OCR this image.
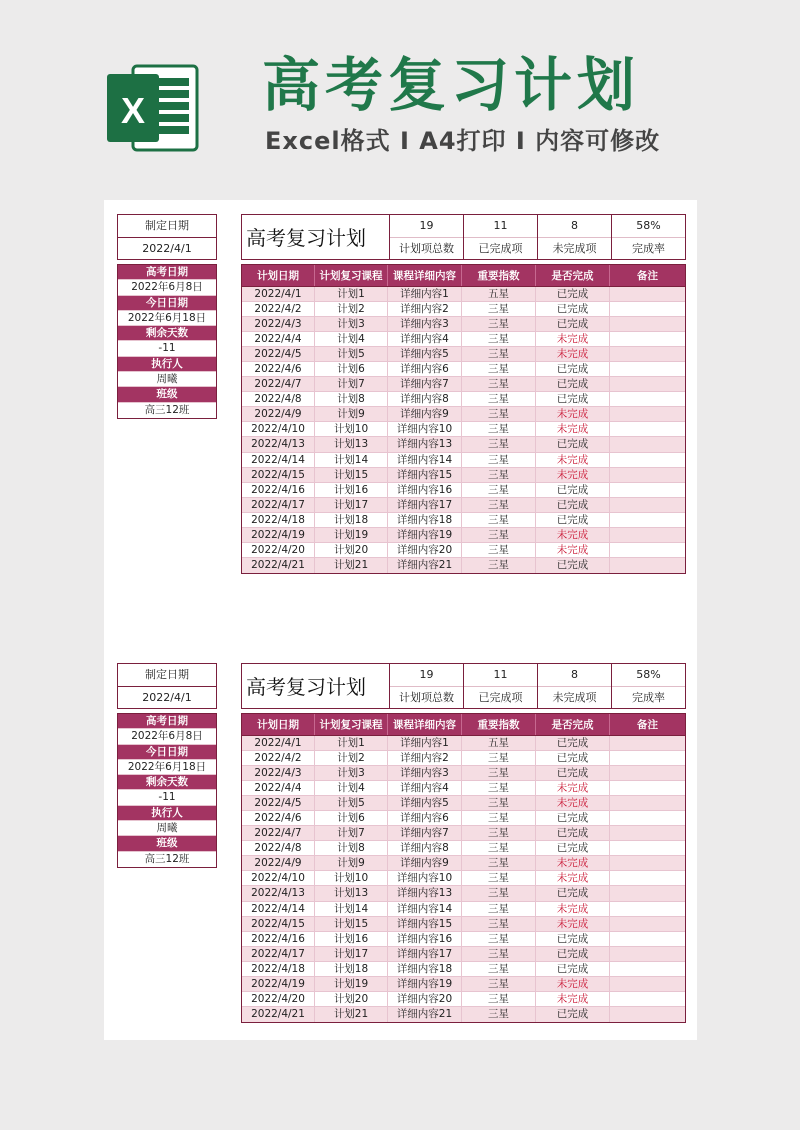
X 高考复习计划
Excel格式 I A4打印 I 内容可修改
制定日期
2022/4/1
高考日期
2022年6月8日
今日日期
2022年6月18日
剩余天数
-11
执行人
周曦
班级
高三12班
高考复习计划
19
计划项总数
11
已完成项
8
未完成项
58%
完成率
计划日期	计划复习课程	课程详细内容	重要指数	是否完成	备注
2022/4/1	计划1	详细内容1	五星	已完成
2022/4/2	计划2	详细内容2	三星	已完成
2022/4/3	计划3	详细内容3	三星	已完成
2022/4/4	计划4	详细内容4	三星	未完成
2022/4/5	计划5	详细内容5	三星	未完成
2022/4/6	计划6	详细内容6	三星	已完成
2022/4/7	计划7	详细内容7	三星	已完成
2022/4/8	计划8	详细内容8	三星	已完成
2022/4/9	计划9	详细内容9	三星	未完成
2022/4/10	计划10	详细内容10	三星	未完成
2022/4/13	计划13	详细内容13	三星	已完成
2022/4/14	计划14	详细内容14	三星	未完成
2022/4/15	计划15	详细内容15	三星	未完成
2022/4/16	计划16	详细内容16	三星	已完成
2022/4/17	计划17	详细内容17	三星	已完成
2022/4/18	计划18	详细内容18	三星	已完成
2022/4/19	计划19	详细内容19	三星	未完成
2022/4/20	计划20	详细内容20	三星	未完成
2022/4/21	计划21	详细内容21	三星	已完成
制定日期
2022/4/1
高考日期
2022年6月8日
今日日期
2022年6月18日
剩余天数
-11
执行人
周曦
班级
高三12班
高考复习计划
19
计划项总数
11
已完成项
8
未完成项
58%
完成率
计划日期	计划复习课程	课程详细内容	重要指数	是否完成	备注
2022/4/1	计划1	详细内容1	五星	已完成
2022/4/2	计划2	详细内容2	三星	已完成
2022/4/3	计划3	详细内容3	三星	已完成
2022/4/4	计划4	详细内容4	三星	未完成
2022/4/5	计划5	详细内容5	三星	未完成
2022/4/6	计划6	详细内容6	三星	已完成
2022/4/7	计划7	详细内容7	三星	已完成
2022/4/8	计划8	详细内容8	三星	已完成
2022/4/9	计划9	详细内容9	三星	未完成
2022/4/10	计划10	详细内容10	三星	未完成
2022/4/13	计划13	详细内容13	三星	已完成
2022/4/14	计划14	详细内容14	三星	未完成
2022/4/15	计划15	详细内容15	三星	未完成
2022/4/16	计划16	详细内容16	三星	已完成
2022/4/17	计划17	详细内容17	三星	已完成
2022/4/18	计划18	详细内容18	三星	已完成
2022/4/19	计划19	详细内容19	三星	未完成
2022/4/20	计划20	详细内容20	三星	未完成
2022/4/21	计划21	详细内容21	三星	已完成
